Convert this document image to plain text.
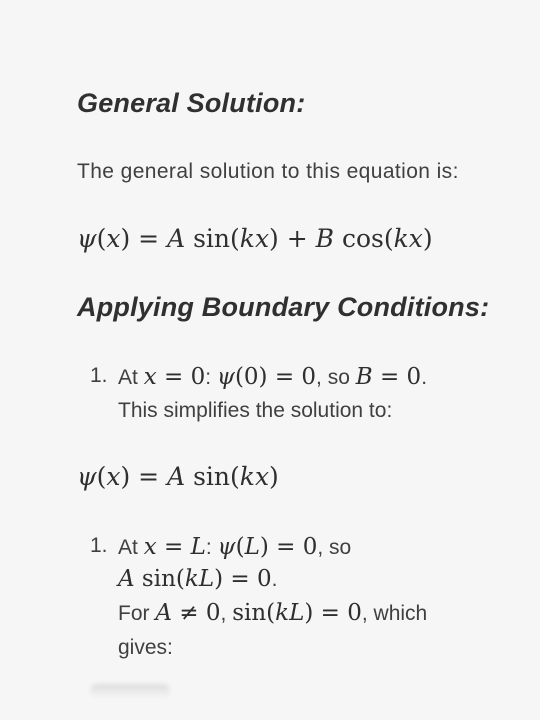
General Solution:

The general solution to this equation is:

ψ(x) = A sin(kx) + B cos(kx)
Applying Boundary Conditions:
1. At x = 0: ψ(0) = 0, so B = 0.
This simplifies the solution to:
ψ(x) = A sin(kx)
1. At x = L: ψ(L) = 0, so
A sin(kL) = 0.
For A ≠ 0, sin(kL) = 0, which
gives:
